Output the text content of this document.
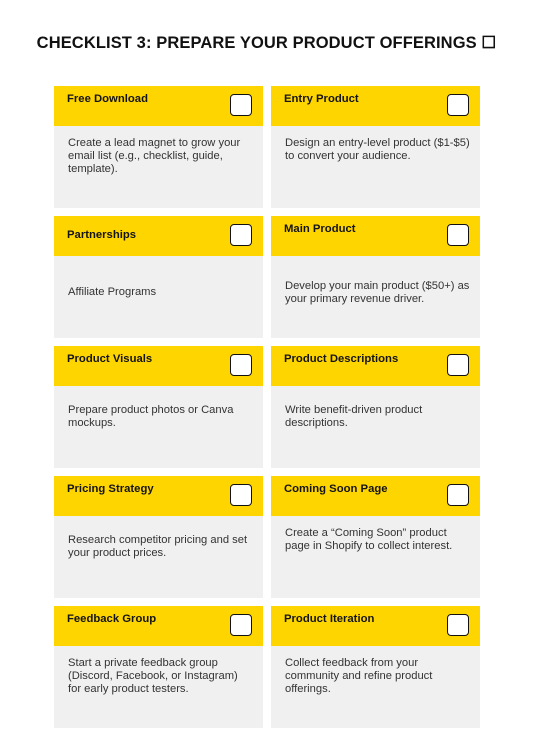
CHECKLIST 3: PREPARE YOUR PRODUCT OFFERINGS ☐
Free Download
Create a lead magnet to grow your email list (e.g., checklist, guide, template).
Entry Product
Design an entry-level product ($1-$5) to convert your audience.
Partnerships
Affiliate Programs
Main Product
Develop your main product ($50+) as your primary revenue driver.
Product Visuals
Prepare product photos or Canva mockups.
Product Descriptions
Write benefit-driven product descriptions.
Pricing Strategy
Research competitor pricing and set your product prices.
Coming Soon Page
Create a “Coming Soon” product page in Shopify to collect interest.
Feedback Group
Start a private feedback group (Discord, Facebook, or Instagram) for early product testers.
Product Iteration
Collect feedback from your community and refine product offerings.
